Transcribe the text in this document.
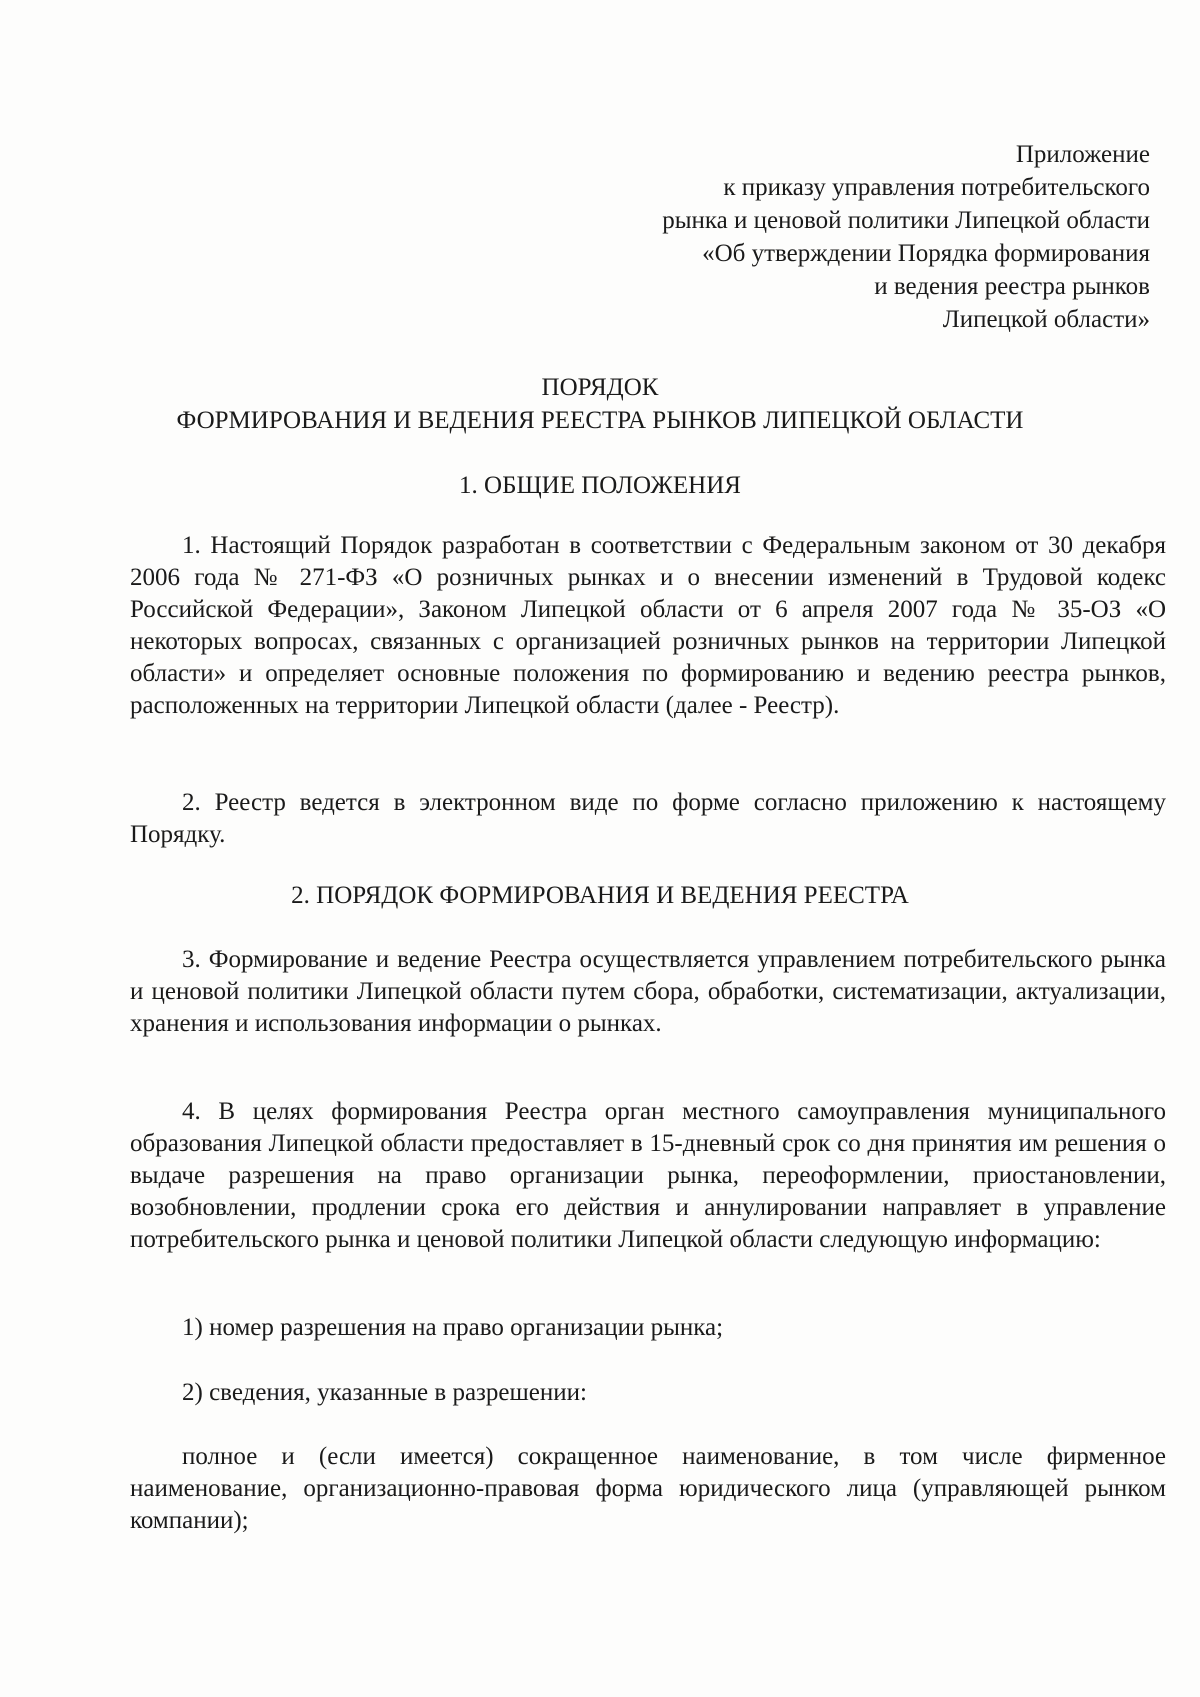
Приложение
к приказу управления потребительского
рынка и ценовой политики Липецкой области
«Об утверждении Порядка формирования
и ведения реестра рынков
Липецкой области»
ПОРЯДОК
ФОРМИРОВАНИЯ И ВЕДЕНИЯ РЕЕСТРА РЫНКОВ ЛИПЕЦКОЙ ОБЛАСТИ
1. ОБЩИЕ ПОЛОЖЕНИЯ
1. Настоящий Порядок разработан в соответствии с Федеральным законом от 30 декабря 2006 года № 271-ФЗ «О розничных рынках и о внесении изменений в Трудовой кодекс Российской Федерации», Законом Липецкой области от 6 апреля 2007 года № 35-ОЗ «О некоторых вопросах, связанных с организацией розничных рынков на территории Липецкой области» и определяет основные положения по формированию и ведению реестра рынков, расположенных на территории Липецкой области (далее - Реестр).
2. Реестр ведется в электронном виде по форме согласно приложению к настоящему Порядку.
2. ПОРЯДОК ФОРМИРОВАНИЯ И ВЕДЕНИЯ РЕЕСТРА
3. Формирование и ведение Реестра осуществляется управлением потребительского рынка и ценовой политики Липецкой области путем сбора, обработки, систематизации, актуализации, хранения и использования информации о рынках.
4. В целях формирования Реестра орган местного самоуправления муниципального образования Липецкой области предоставляет в 15-дневный срок со дня принятия им решения о выдаче разрешения на право организации рынка, переоформлении, приостановлении, возобновлении, продлении срока его действия и аннулировании направляет в управление потребительского рынка и ценовой политики Липецкой области следующую информацию:
1) номер разрешения на право организации рынка;
2) сведения, указанные в разрешении:
полное и (если имеется) сокращенное наименование, в том числе фирменное наименование, организационно-правовая форма юридического лица (управляющей рынком компании);
